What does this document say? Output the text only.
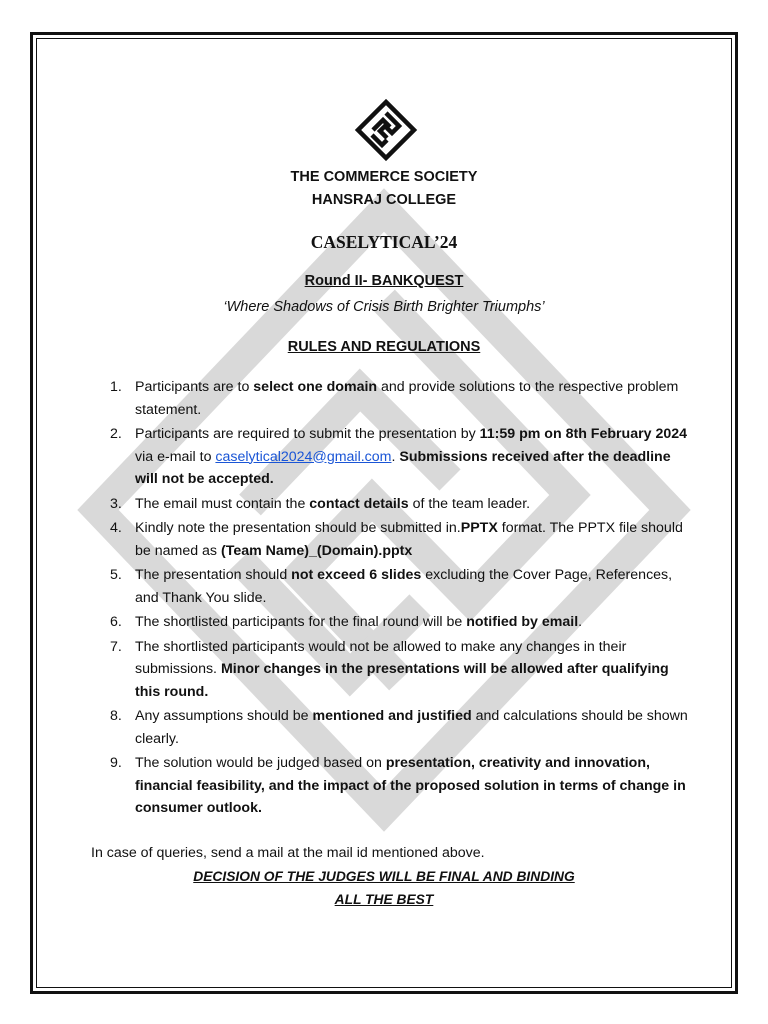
THE COMMERCE SOCIETY
HANSRAJ COLLEGE
CASELYTICAL’24
Round II- BANKQUEST
‘Where Shadows of Crisis Birth Brighter Triumphs’
RULES AND REGULATIONS
1. Participants are to select one domain and provide solutions to the respective problem statement.
2. Participants are required to submit the presentation by 11:59 pm on 8th February 2024 via e-mail to caselytical2024@gmail.com. Submissions received after the deadline will not be accepted.
3. The email must contain the contact details of the team leader.
4. Kindly note the presentation should be submitted in.PPTX format. The PPTX file should be named as (Team Name)_(Domain).pptx
5. The presentation should not exceed 6 slides excluding the Cover Page, References, and Thank You slide.
6. The shortlisted participants for the final round will be notified by email.
7. The shortlisted participants would not be allowed to make any changes in their submissions. Minor changes in the presentations will be allowed after qualifying this round.
8. Any assumptions should be mentioned and justified and calculations should be shown clearly.
9. The solution would be judged based on presentation, creativity and innovation, financial feasibility, and the impact of the proposed solution in terms of change in consumer outlook.
In case of queries, send a mail at the mail id mentioned above.
DECISION OF THE JUDGES WILL BE FINAL AND BINDING
ALL THE BEST
